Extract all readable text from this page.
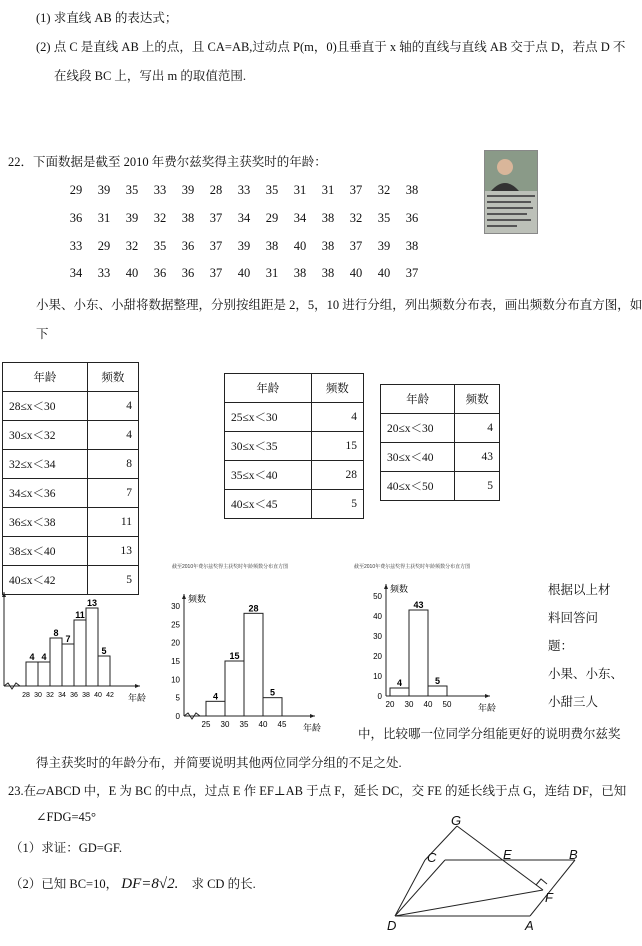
(1) 求直线 AB 的表达式；
(2) 点 C 是直线 AB 上的点，且 CA=AB,过动点 P(m，0)且垂直于 x 轴的直线与直线 AB 交于点 D，若点 D 不
在线段 BC 上，写出 m 的取值范围.
22．下面数据是截至 2010 年费尔兹奖得主获奖时的年龄：
29	39	35	33	39	28	33	35	31	31	37	32	38
36	31	39	32	38	37	34	29	34	38	32	35	36
33	29	32	35	36	37	39	38	40	38	37	39	38
34	33	40	36	36	37	40	31	38	38	40	40	37
小果、小东、小甜将数据整理，分别按组距是 2，5，10 进行分组，列出频数分布表，画出频数分布直方图，如
下
年龄	频数
28≤x＜30	4
30≤x＜32	4
32≤x＜34	8
34≤x＜36	7
36≤x＜38	11
38≤x＜40	13
40≤x＜42	5
年龄	频数
25≤x＜30	4
30≤x＜35	15
35≤x＜40	28
40≤x＜45	5
年龄	频数
20≤x＜30	4
30≤x＜40	43
40≤x＜50	5
年龄
28 30 32 34 36 38 40 42
4 4
8
7
11
13
5
截至2010年费尔兹奖得主获奖时年龄频数分布直方图
频数
年龄
0
5
10
15
20
25
30
25 30 35 40 45
4
15
28
5
截至2010年费尔兹奖得主获奖时年龄频数分布直方图
频数
年龄
0
10
20
30
40
50
20 30 40 50
4
43
5
根据以上材
料回答问
题：
小果、小东、
小甜三人
中，比较哪一位同学分组能更好的说明费尔兹奖
得主获奖时的年龄分布，并简要说明其他两位同学分组的不足之处.
23.在▱ABCD 中，E 为 BC 的中点，过点 E 作 EF⊥AB 于点 F，延长 DC，交 FE 的延长线于点 G，连结 DF，已知
∠FDG=45°
（1）求证：GD=GF.
（2）已知 BC=10， DF=8√2. 求 CD 的长.
G
C	E	B
F
D	A
